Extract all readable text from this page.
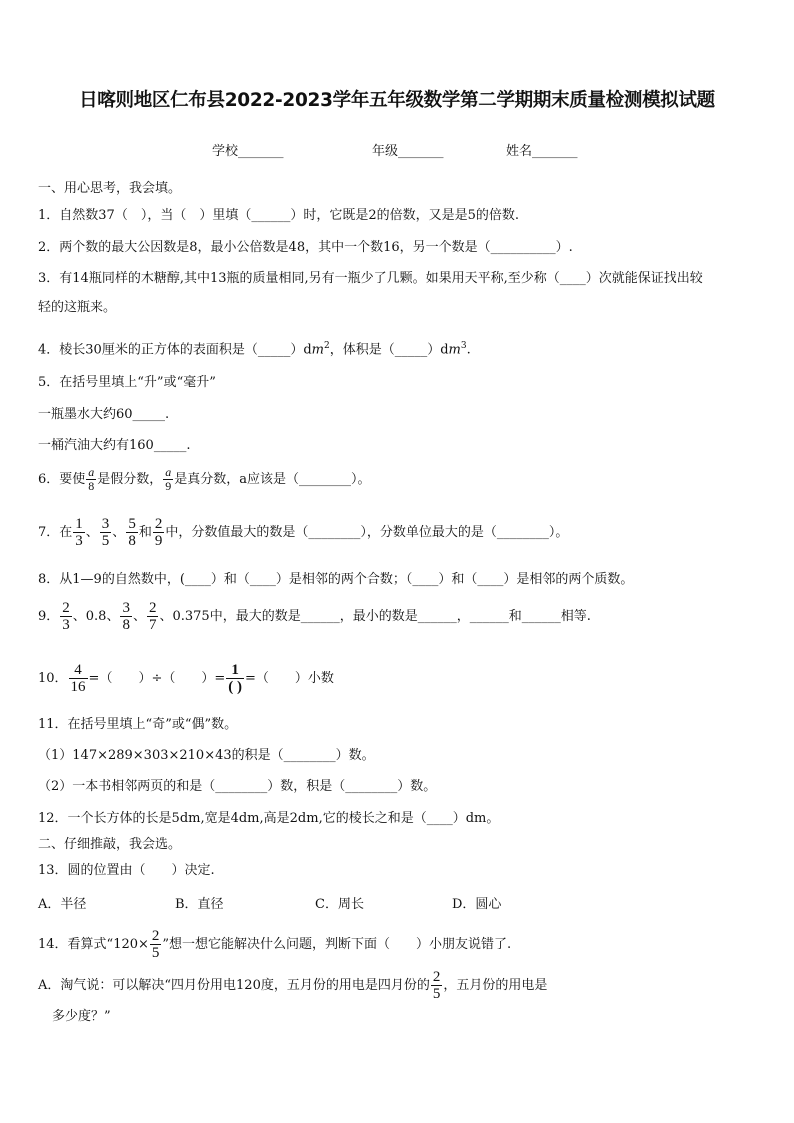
日喀则地区仁布县2022-2023学年五年级数学第二学期期末质量检测模拟试题
学校_______	年级_______	姓名_______
一、用心思考，我会填。
1．自然数37（　），当（　）里填（______）时，它既是2的倍数，又是是5的倍数.
2．两个数的最大公因数是8，最小公倍数是48，其中一个数16，另一个数是（__________）.
3．有14瓶同样的木糖醇,其中13瓶的质量相同,另有一瓶少了几颗。如果用天平称,至少称（____）次就能保证找出较
轻的这瓶来。
4．棱长30厘米的正方体的表面积是$(\_\_\_\_\_)dm^2$，体积是$(\_\_\_\_\_)dm^3$.
5．在括号里填上“升”或“毫升”
一瓶墨水大约60_____.
一桶汽油大约有160_____.
6．要使 $\frac{a}{8}$ 是假分数， $\frac{a}{9}$ 是真分数，a应该是（________）。
7．在 $\frac{1}{3}$ 、 $\frac{3}{5}$ 、 $\frac{5}{8}$ 和 $\frac{2}{9}$ 中，分数值最大的数是（________），分数单位最大的是（________）。
8．从1—9的自然数中，(____）和（____）是相邻的两个合数；（____）和（____）是相邻的两个质数。
9． $\frac{2}{3}$ 、0.8、 $\frac{3}{8}$ 、 $\frac{2}{7}$ 、0.375中，最大的数是______，最小的数是______，______和______相等.
10． $\frac{4}{16}$ =（　　）÷（　　）= $\frac{1}{( )}$ =（　　）小数
11．在括号里填上“奇”或“偶”数。
（1）147×289×303×210×43的积是（________）数。
（2）一本书相邻两页的和是（________）数，积是（________）数。
12．一个长方体的长是5dm,宽是4dm,高是2dm,它的棱长之和是（____）dm。
二、仔细推敲，我会选。
13．圆的位置由（　　）决定.
A．半径	B．直径	C．周长	D．圆心
14．看算式“$120\times \frac{2}{5}$ ”想一想它能解决什么问题，判断下面（　　）小朋友说错了.
A．淘气说：可以解决“四月份用电120度，五月份的用电是四月份的 $\frac{2}{5}$ ，五月份的用电是
多少度？”
